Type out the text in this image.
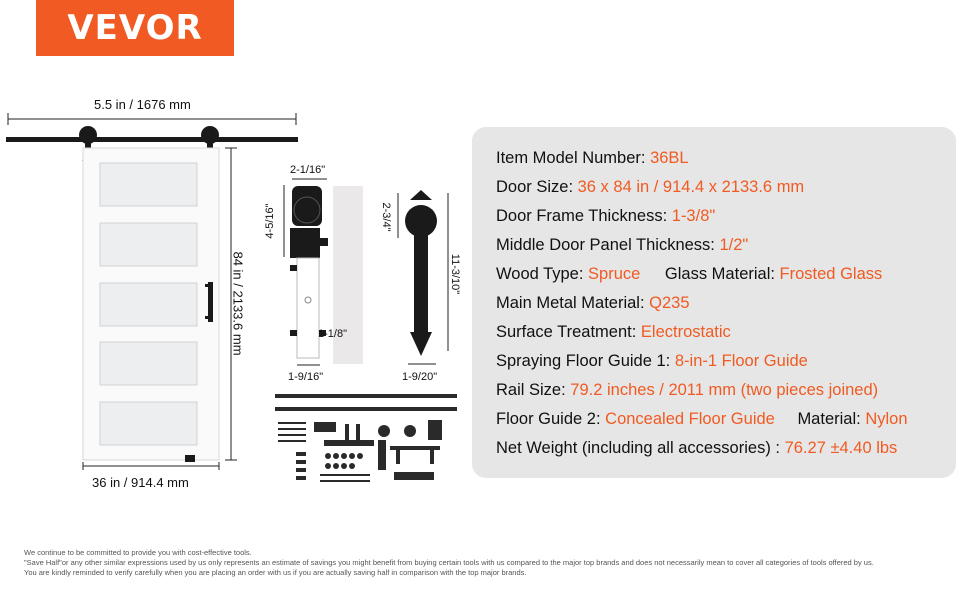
VEVOR
5.5 in / 1676 mm
84 in / 2133.6 mm
36 in / 914.4 mm
2-1/16"
4-5/16"
1-1/8"
1-9/16"
2-3/4"
11-3/10"
1-9/20"
Item Model Number: 36BL
Door Size: 36 x 84 in / 914.4 x 2133.6 mm
Door Frame Thickness: 1-3/8"
Middle Door Panel Thickness: 1/2"
Wood Type: Spruce Glass Material: Frosted Glass
Main Metal Material: Q235
Surface Treatment: Electrostatic
Spraying Floor Guide 1: 8-in-1 Floor Guide
Rail Size: 79.2 inches / 2011 mm (two pieces joined)
Floor Guide 2: Concealed Floor Guide Material: Nylon
Net Weight (including all accessories) : 76.27 ±4.40 lbs
We continue to be committed to provide you with cost-effective tools.
"Save Half"or any other similar expressions used by us only represents an estimate of savings you might benefit from buying certain tools with us compared to the major top brands and does not necessarily mean to cover all categories of tools offered by us.
You are kindly reminded to verify carefully when you are placing an order with us if you are actually saving half in comparison with the top major brands.
